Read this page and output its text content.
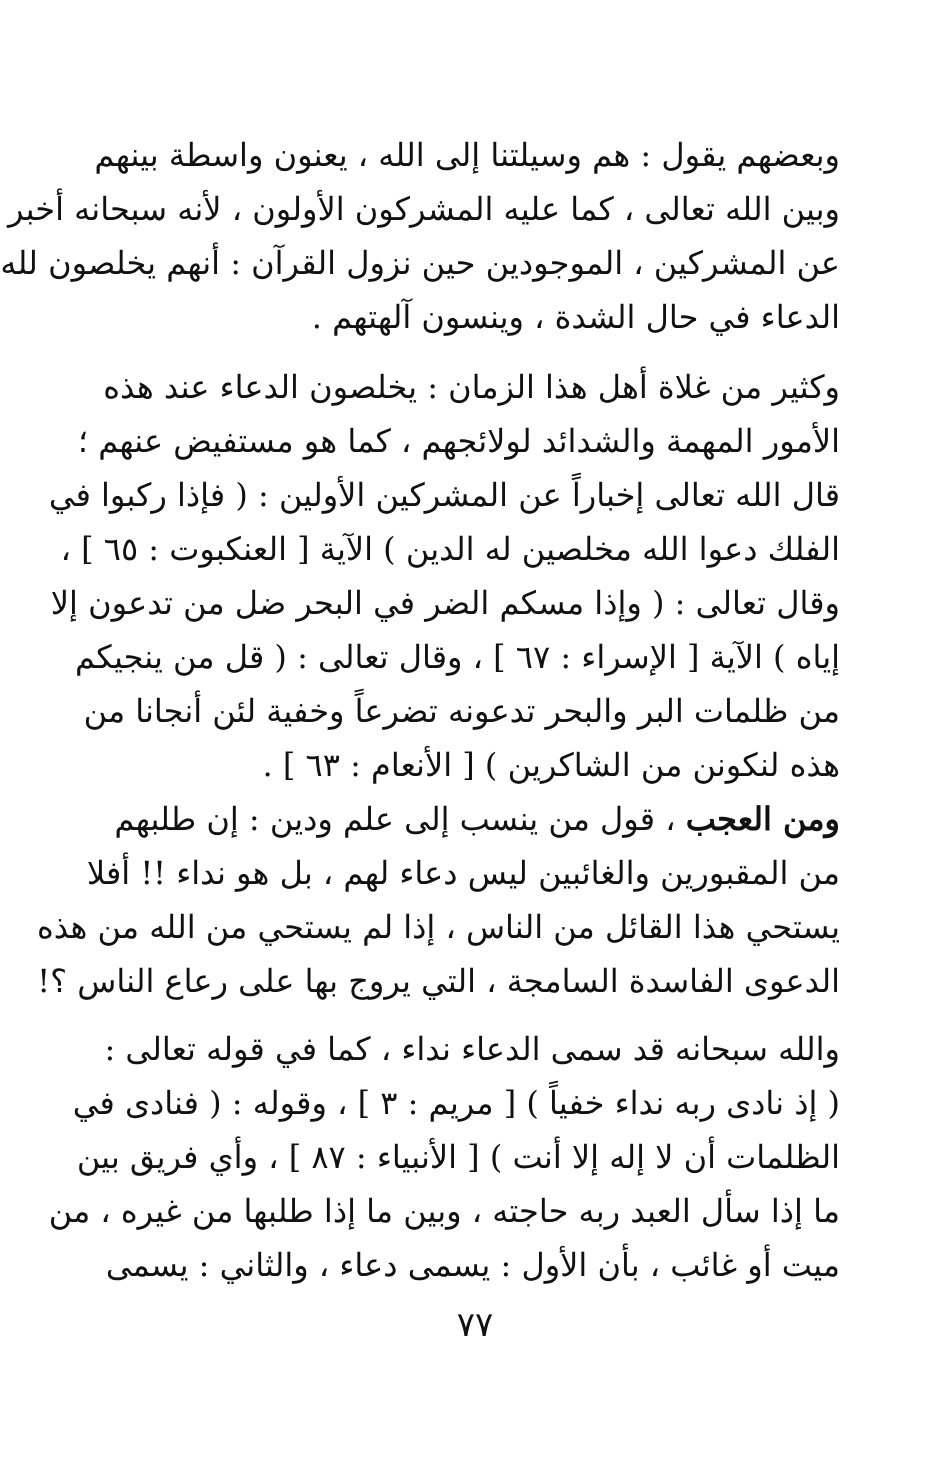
وبعضهم يقول : هم وسيلتنا إلى الله ، يعنون واسطة بينهم
وبين الله تعالى ، كما عليه المشركون الأولون ، لأنه سبحانه أخبر
عن المشركين ، الموجودين حين نزول القرآن : أنهم يخلصون لله
الدعاء في حال الشدة ، وينسون آلهتهم .
وكثير من غلاة أهل هذا الزمان : يخلصون الدعاء عند هذه
الأمور المهمة والشدائد لولائجهم ، كما هو مستفيض عنهم ؛
قال الله تعالى إخباراً عن المشركين الأولين : ( فإذا ركبوا في
الفلك دعوا الله مخلصين له الدين ) الآية [ العنكبوت : ٦٥ ] ،
وقال تعالى : ( وإذا مسكم الضر في البحر ضل من تدعون إلا
إياه ) الآية [ الإسراء : ٦٧ ] ، وقال تعالى : ( قل من ينجيكم
من ظلمات البر والبحر تدعونه تضرعاً وخفية لئن أنجانا من
هذه لنكونن من الشاكرين ) [ الأنعام : ٦٣ ] .
ومن العجب ، قول من ينسب إلى علم ودين : إن طلبهم
من المقبورين والغائبين ليس دعاء لهم ، بل هو نداء !! أفلا
يستحي هذا القائل من الناس ، إذا لم يستحي من الله من هذه
الدعوى الفاسدة السامجة ، التي يروج بها على رعاع الناس ؟!
والله سبحانه قد سمى الدعاء نداء ، كما في قوله تعالى :
( إذ نادى ربه نداء خفياً ) [ مريم : ٣ ] ، وقوله : ( فنادى في
الظلمات أن لا إله إلا أنت ) [ الأنبياء : ٨٧ ] ، وأي فريق بين
ما إذا سأل العبد ربه حاجته ، وبين ما إذا طلبها من غيره ، من
ميت أو غائب ، بأن الأول : يسمى دعاء ، والثاني : يسمى
٧٧
